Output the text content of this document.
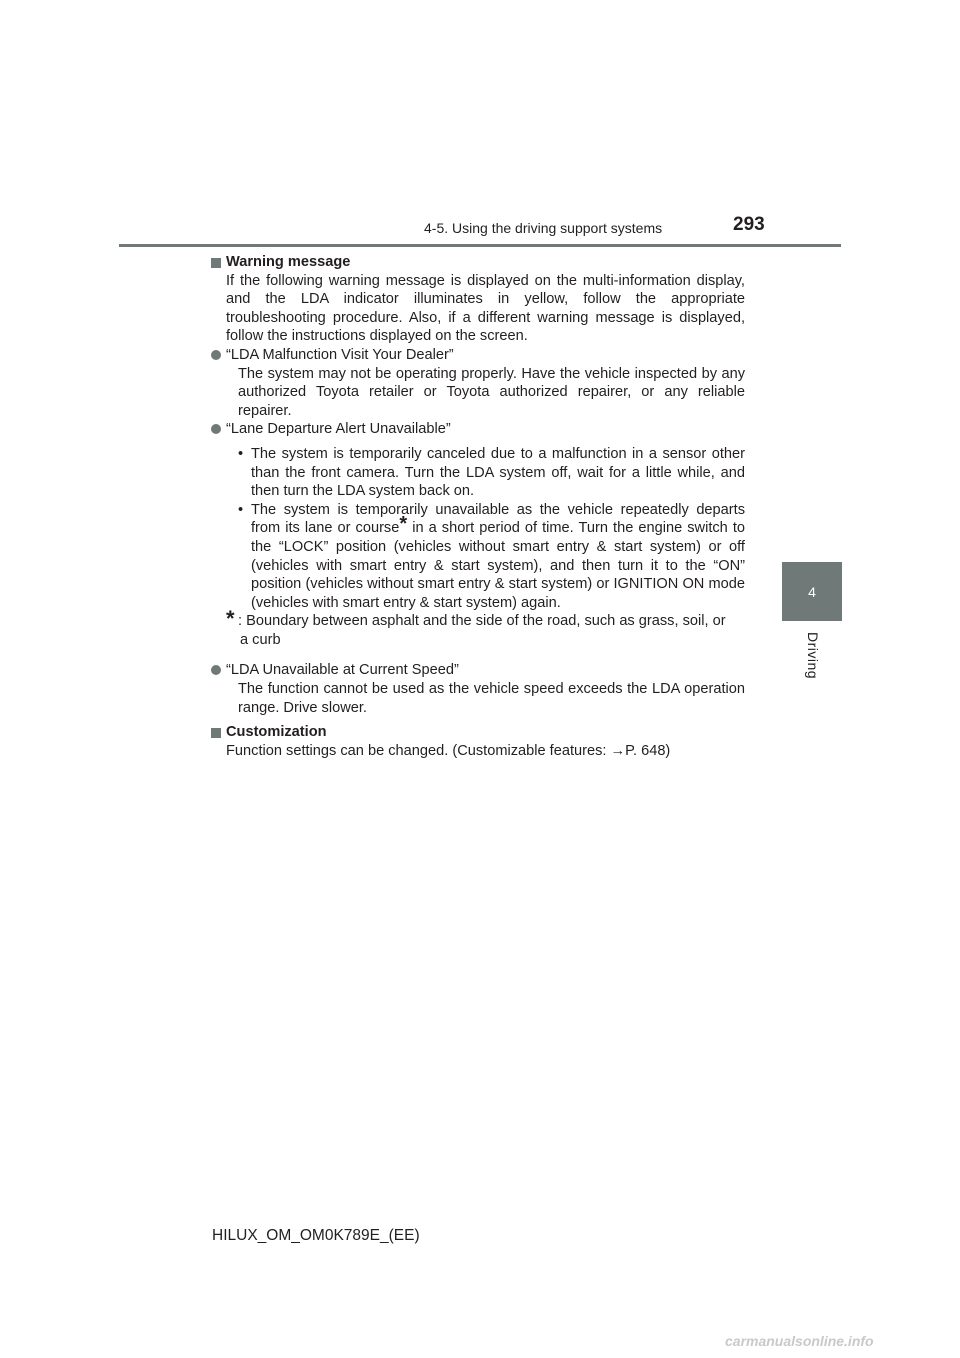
4-5. Using the driving support systems	293
4
Driving

Warning message

If the following warning message is displayed on the multi-information display, and the LDA indicator illuminates in yellow, follow the appropriate troubleshooting procedure. Also, if a different warning message is displayed, follow the instructions displayed on the screen.

“LDA Malfunction Visit Your Dealer”

The system may not be operating properly. Have the vehicle inspected by any authorized Toyota retailer or Toyota authorized repairer, or any reliable repairer.

“Lane Departure Alert Unavailable”

• The system is temporarily canceled due to a malfunction in a sensor other than the front camera. Turn the LDA system off, wait for a little while, and then turn the LDA system back on.

• The system is temporarily unavailable as the vehicle repeatedly departs from its lane or course* in a short period of time. Turn the engine switch to the “LOCK” position (vehicles without smart entry & start system) or off (vehicles with smart entry & start system), and then turn it to the “ON” position (vehicles without smart entry & start system) or IGNITION ON mode (vehicles with smart entry & start system) again.

* : Boundary between asphalt and the side of the road, such as grass, soil, or

a curb

“LDA Unavailable at Current Speed”

The function cannot be used as the vehicle speed exceeds the LDA operation range. Drive slower.

Customization

Function settings can be changed. (Customizable features: →P. 648)

HILUX_OM_OM0K789E_(EE)
carmanualsonline.info
